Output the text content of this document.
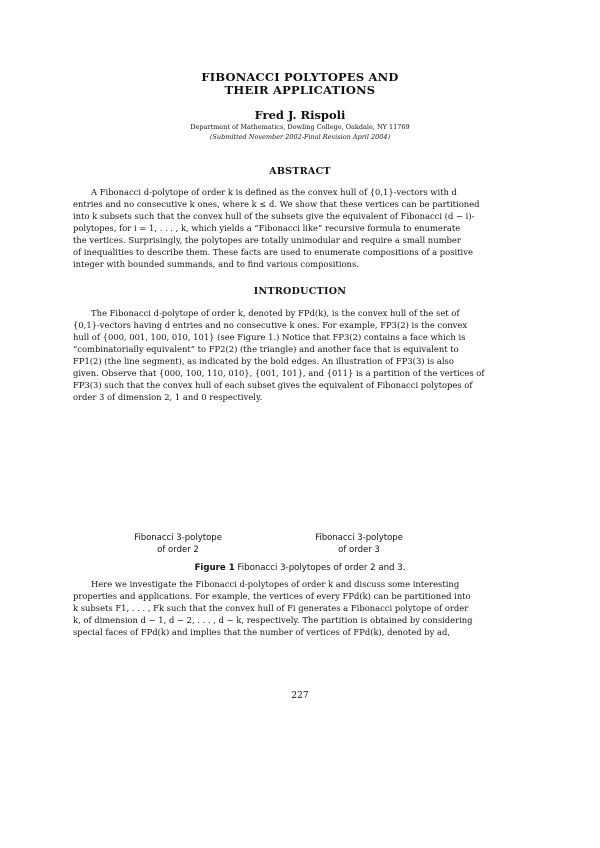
FIBONACCI POLYTOPES AND
THEIR APPLICATIONS
Fred J. Rispoli
Department of Mathematics, Dowling College, Oakdale, NY 11769
(Submitted November 2002-Final Revision April 2004)
ABSTRACT
A Fibonacci d-polytope of order k is defined as the convex hull of {0,1}-vectors with d
entries and no consecutive k ones, where k ≤ d. We show that these vertices can be partitioned
into k subsets such that the convex hull of the subsets give the equivalent of Fibonacci (d − i)-
polytopes, for i = 1, . . . , k, which yields a “Fibonacci like” recursive formula to enumerate
the vertices. Surprisingly, the polytopes are totally unimodular and require a small number
of inequalities to describe them. These facts are used to enumerate compositions of a positive
integer with bounded summands, and to find various compositions.
INTRODUCTION
The Fibonacci d-polytope of order k, denoted by FPd(k), is the convex hull of the set of
{0,1}-vectors having d entries and no consecutive k ones. For example, FP3(2) is the convex
hull of {000, 001, 100, 010, 101} (see Figure 1.) Notice that FP3(2) contains a face which is
“combinatorially equivalent” to FP2(2) (the triangle) and another face that is equivalent to
FP1(2) (the line segment), as indicated by the bold edges. An illustration of FP3(3) is also
given. Observe that {000, 100, 110, 010}, {001, 101}, and {011} is a partition of the vertices of
FP3(3) such that the convex hull of each subset gives the equivalent of Fibonacci polytopes of
order 3 of dimension 2, 1 and 0 respectively.
Fibonacci 3-polytope
of order 2
Fibonacci 3-polytope
of order 3
Figure 1 Fibonacci 3-polytopes of order 2 and 3.
Here we investigate the Fibonacci d-polytopes of order k and discuss some interesting
properties and applications. For example, the vertices of every FPd(k) can be partitioned into
k subsets F1, . . . , Fk such that the convex hull of Fi generates a Fibonacci polytope of order
k, of dimension d − 1, d − 2, . . . , d − k, respectively. The partition is obtained by considering
special faces of FPd(k) and implies that the number of vertices of FPd(k), denoted by ad,
227
